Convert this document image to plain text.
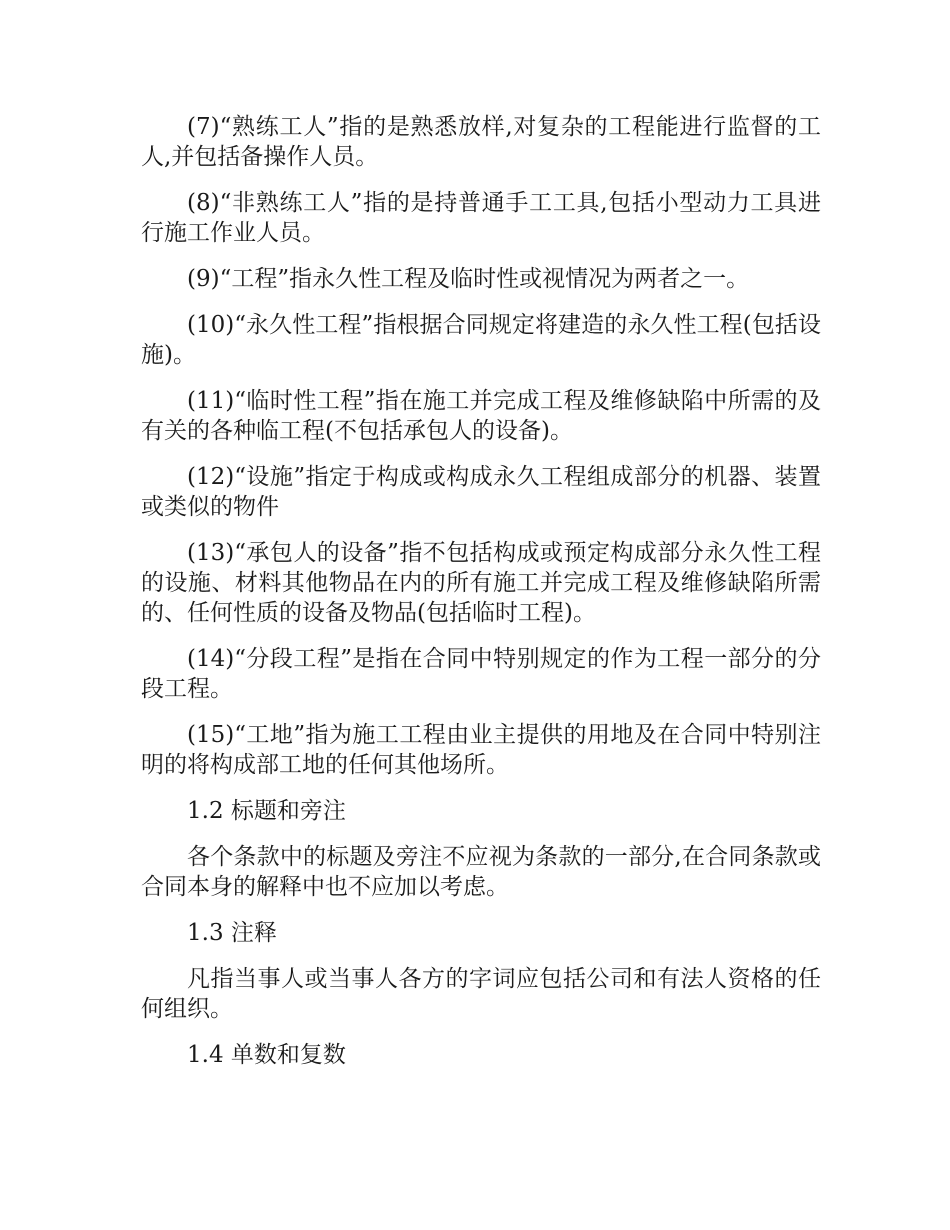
(7)“熟练工人”指的是熟悉放样,对复杂的工程能进行监督的工人,并包括备操作人员。

(8)“非熟练工人”指的是持普通手工工具,包括小型动力工具进行施工作业人员。

(9)“工程”指永久性工程及临时性或视情况为两者之一。

(10)“永久性工程”指根据合同规定将建造的永久性工程(包括设施)。

(11)“临时性工程”指在施工并完成工程及维修缺陷中所需的及有关的各种临工程(不包括承包人的设备)。

(12)“设施”指定于构成或构成永久工程组成部分的机器、装置或类似的物件

(13)“承包人的设备”指不包括构成或预定构成部分永久性工程的设施、材料其他物品在内的所有施工并完成工程及维修缺陷所需的、任何性质的设备及物品(包括临时工程)。

(14)“分段工程”是指在合同中特别规定的作为工程一部分的分段工程。

(15)“工地”指为施工工程由业主提供的用地及在合同中特别注明的将构成部工地的任何其他场所。

1.2 标题和旁注

各个条款中的标题及旁注不应视为条款的一部分,在合同条款或合同本身的解释中也不应加以考虑。

1.3 注释

凡指当事人或当事人各方的字词应包括公司和有法人资格的任何组织。

1.4 单数和复数
